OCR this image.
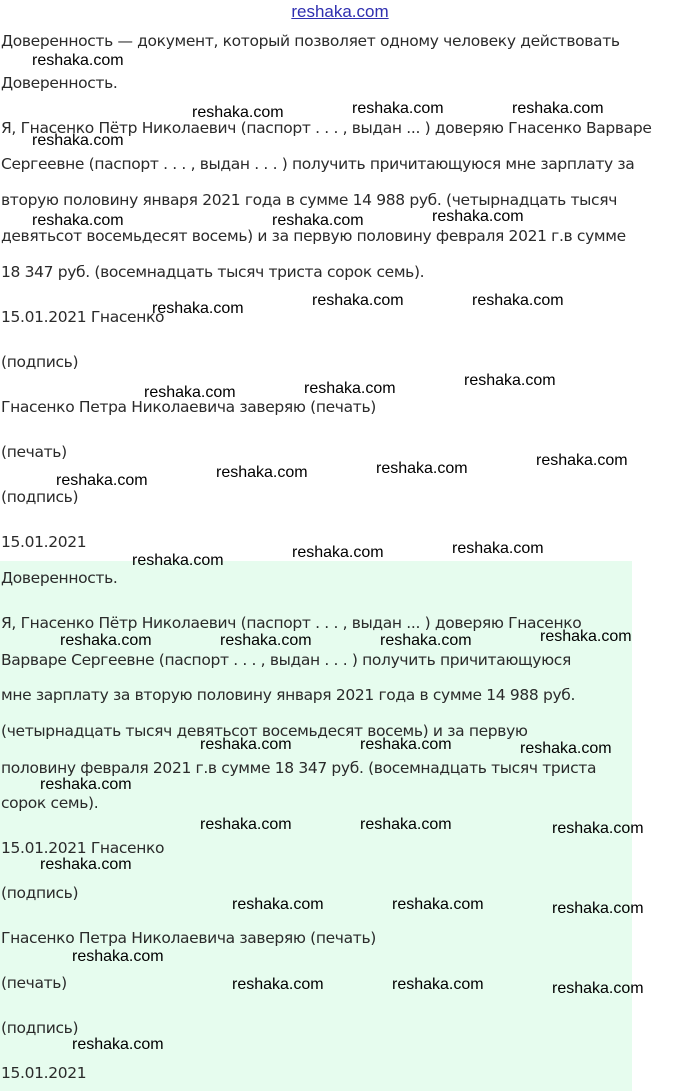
reshaka.com
Доверенность — документ, который позволяет одному человеку действовать
Доверенность.
Я, Гнасенко Пётр Николаевич (паспорт . . . , выдан ... ) доверяю Гнасенко Варваре
Сергеевне (паспорт . . . , выдан . . . ) получить причитающуюся мне зарплату за
вторую половину января 2021 года в сумме 14 988 руб. (четырнадцать тысяч
девятьсот восемьдесят восемь) и за первую половину февраля 2021 г.в сумме
18 347 руб. (восемнадцать тысяч триста сорок семь).
15.01.2021 Гнасенко
(подпись)
Гнасенко Петра Николаевича заверяю (печать)
(печать)
(подпись)
15.01.2021
Доверенность.
Я, Гнасенко Пётр Николаевич (паспорт . . . , выдан ... ) доверяю Гнасенко
Варваре Сергеевне (паспорт . . . , выдан . . . ) получить причитающуюся
мне зарплату за вторую половину января 2021 года в сумме 14 988 руб.
(четырнадцать тысяч девятьсот восемьдесят восемь) и за первую
половину февраля 2021 г.в сумме 18 347 руб. (восемнадцать тысяч триста
сорок семь).
15.01.2021 Гнасенко
(подпись)
Гнасенко Петра Николаевича заверяю (печать)
(печать)
(подпись)
15.01.2021
reshaka.com
reshaka.com	reshaka.com	reshaka.com
reshaka.com
reshaka.com	reshaka.com	reshaka.com
reshaka.com	reshaka.com	reshaka.com
reshaka.com	reshaka.com	reshaka.com
reshaka.com	reshaka.com	reshaka.com	reshaka.com
reshaka.com	reshaka.com	reshaka.com
reshaka.com	reshaka.com	reshaka.com	reshaka.com
reshaka.com	reshaka.com	reshaka.com
reshaka.com
reshaka.com	reshaka.com	reshaka.com
reshaka.com
reshaka.com	reshaka.com	reshaka.com
reshaka.com
reshaka.com	reshaka.com	reshaka.com
reshaka.com
